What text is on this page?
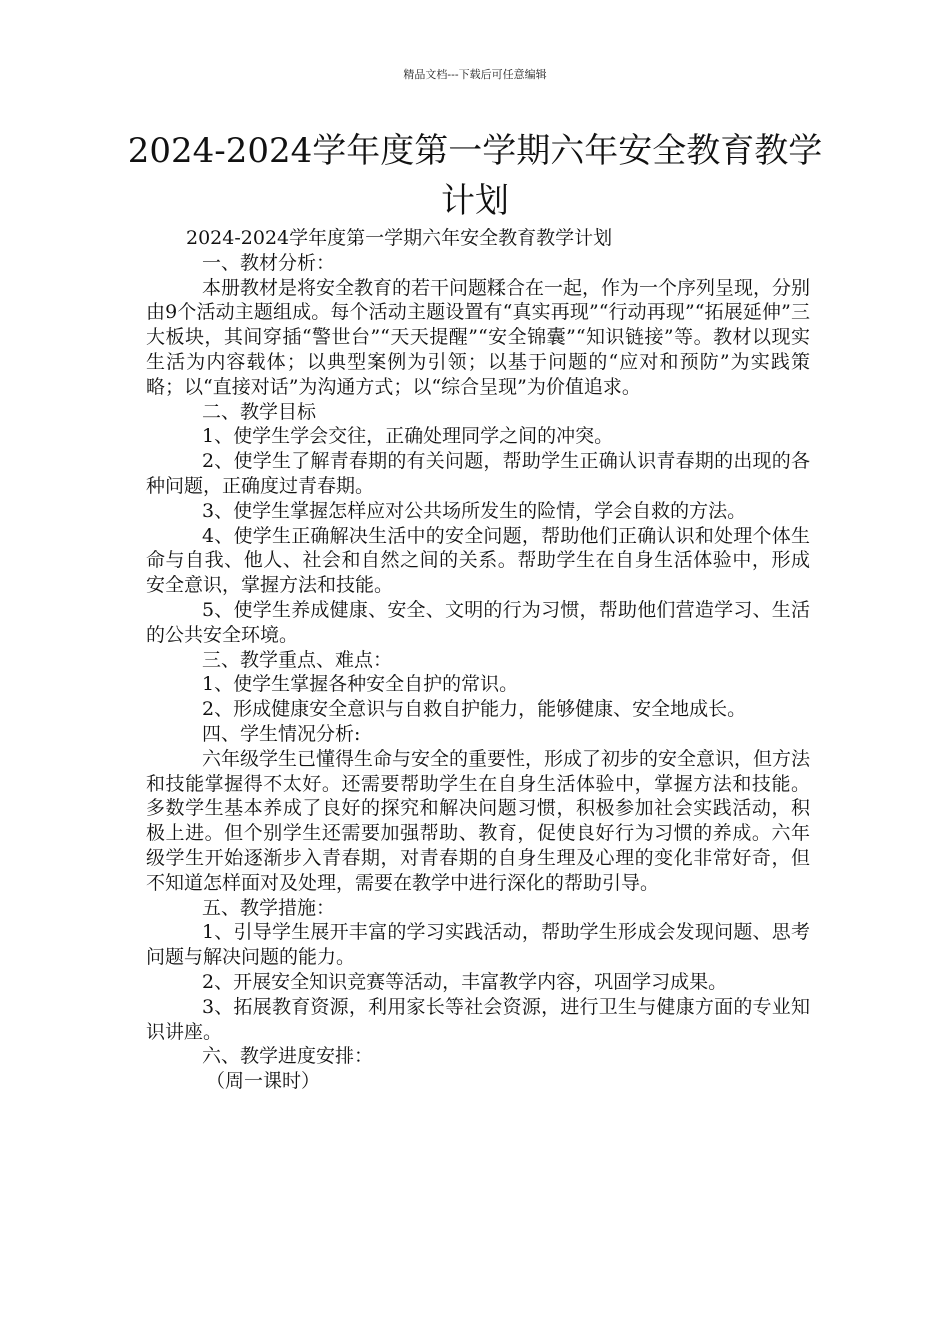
精品文档---下载后可任意编辑
2024-2024学年度第一学期六年安全教育教学计划

2024-2024学年度第一学期六年安全教育教学计划

一、教材分析：

本册教材是将安全教育的若干问题糅合在一起，作为一个序列呈现，分别由9个活动主题组成。每个活动主题设置有“真实再现”“行动再现”“拓展延伸”三大板块，其间穿插“警世台”“天天提醒”“安全锦囊”“知识链接”等。教材以现实生活为内容载体；以典型案例为引领；以基于问题的“应对和预防”为实践策略；以“直接对话”为沟通方式；以“综合呈现”为价值追求。

二、教学目标

1、使学生学会交往，正确处理同学之间的冲突。

2、使学生了解青春期的有关问题，帮助学生正确认识青春期的出现的各种问题，正确度过青春期。

3、使学生掌握怎样应对公共场所发生的险情，学会自救的方法。

4、使学生正确解决生活中的安全问题，帮助他们正确认识和处理个体生命与自我、他人、社会和自然之间的关系。帮助学生在自身生活体验中，形成安全意识，掌握方法和技能。

5、使学生养成健康、安全、文明的行为习惯，帮助他们营造学习、生活的公共安全环境。

三、教学重点、难点：

1、使学生掌握各种安全自护的常识。

2、形成健康安全意识与自救自护能力，能够健康、安全地成长。

四、学生情况分析:

六年级学生已懂得生命与安全的重要性，形成了初步的安全意识，但方法和技能掌握得不太好。还需要帮助学生在自身生活体验中，掌握方法和技能。多数学生基本养成了良好的探究和解决问题习惯，积极参加社会实践活动，积极上进。但个别学生还需要加强帮助、教育，促使良好行为习惯的养成。六年级学生开始逐渐步入青春期，对青春期的自身生理及心理的变化非常好奇，但不知道怎样面对及处理，需要在教学中进行深化的帮助引导。

五、教学措施：

1、引导学生展开丰富的学习实践活动，帮助学生形成会发现问题、思考问题与解决问题的能力。

2、开展安全知识竞赛等活动，丰富教学内容，巩固学习成果。

3、拓展教育资源，利用家长等社会资源，进行卫生与健康方面的专业知识讲座。

六、教学进度安排：

（周一课时）
